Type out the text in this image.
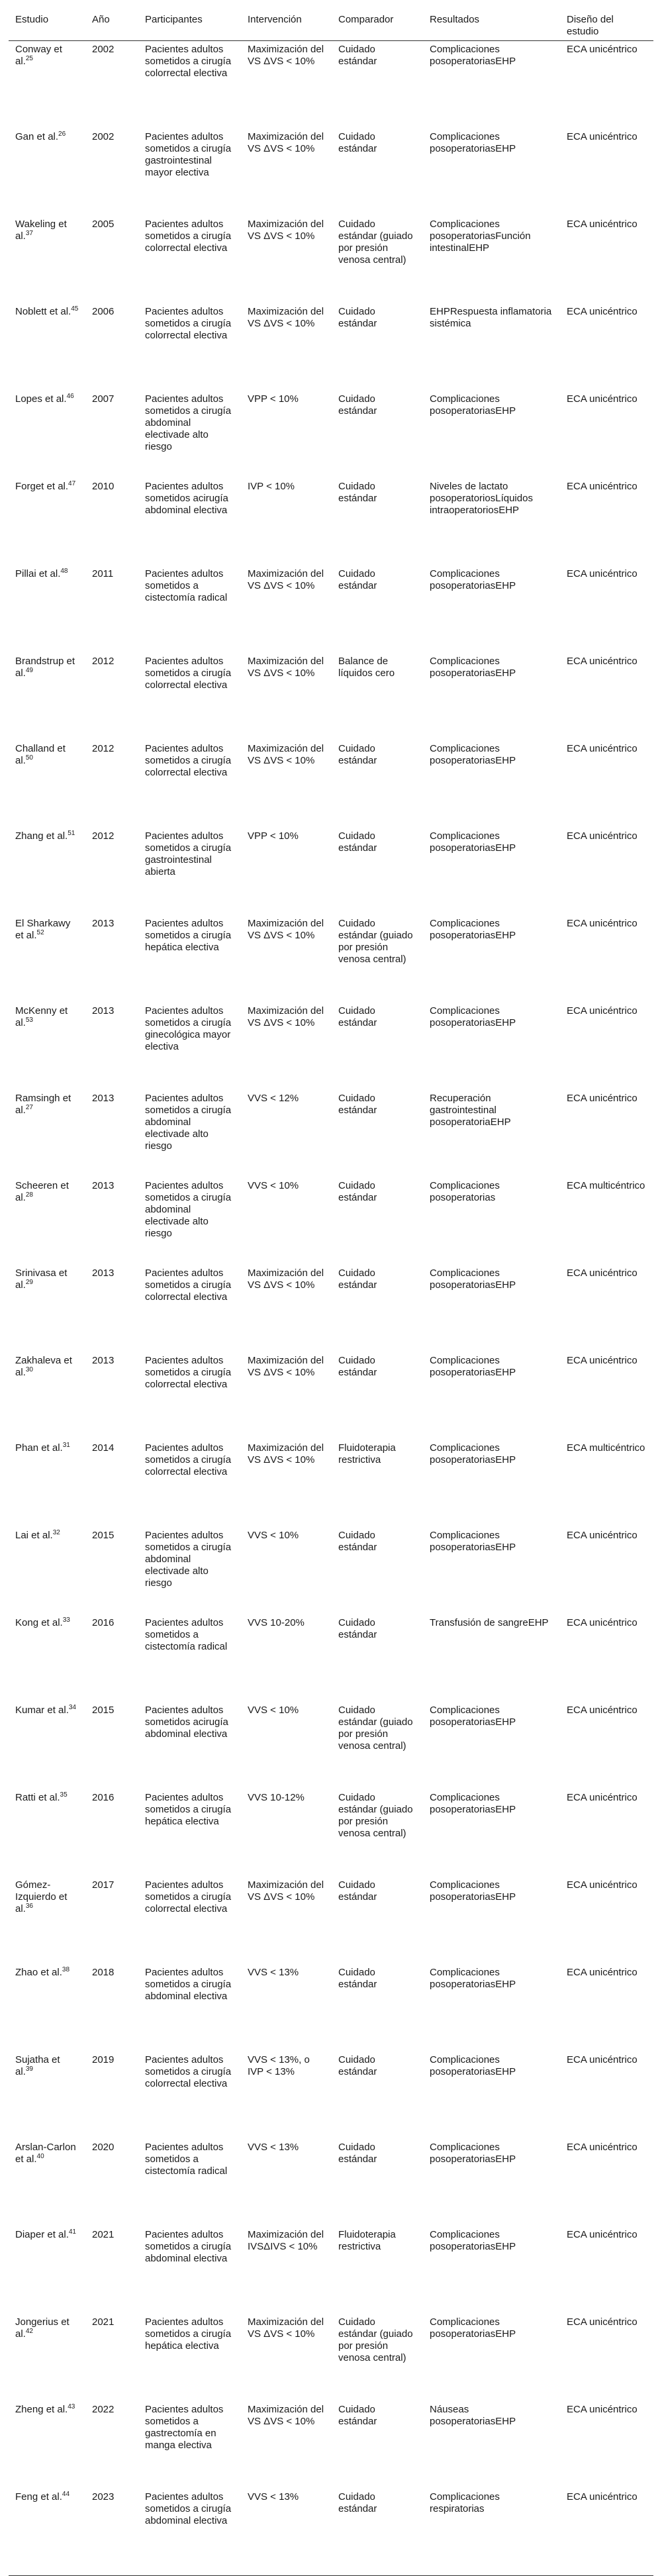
Estudio	Año	Participantes	Intervención	Comparador	Resultados	Diseño del estudio
Conway et al.$^{25}$	2002	Pacientes adultos sometidos a cirugía colorrectal electiva	Maximización del VS ΔVS < 10%	Cuidado estándar	Complicaciones posoperatoriasEHP	ECA unicéntrico
Gan et al.$^{26}$	2002	Pacientes adultos sometidos a cirugía gastrointestinal mayor electiva	Maximización del VS ΔVS < 10%	Cuidado estándar	Complicaciones posoperatoriasEHP	ECA unicéntrico
Wakeling et al.$^{37}$	2005	Pacientes adultos sometidos a cirugía colorrectal electiva	Maximización del VS ΔVS < 10%	Cuidado estándar (guiado por presión venosa central)	Complicaciones posoperatoriasFunción intestinalEHP	ECA unicéntrico
Noblett et al.$^{45}$	2006	Pacientes adultos sometidos a cirugía colorrectal electiva	Maximización del VS ΔVS < 10%	Cuidado estándar	EHPRespuesta inflamatoria sistémica	ECA unicéntrico
Lopes et al.$^{46}$	2007	Pacientes adultos sometidos a cirugía abdominal electivade alto riesgo	VPP < 10%	Cuidado estándar	Complicaciones posoperatoriasEHP	ECA unicéntrico
Forget et al.$^{47}$	2010	Pacientes adultos sometidos acirugía abdominal electiva	IVP < 10%	Cuidado estándar	Niveles de lactato posoperatoriosLíquidos intraoperatoriosEHP	ECA unicéntrico
Pillai et al.$^{48}$	2011	Pacientes adultos sometidos a cistectomía radical	Maximización del VS ΔVS < 10%	Cuidado estándar	Complicaciones posoperatoriasEHP	ECA unicéntrico
Brandstrup et al.$^{49}$	2012	Pacientes adultos sometidos a cirugía colorrectal electiva	Maximización del VS ΔVS < 10%	Balance de líquidos cero	Complicaciones posoperatoriasEHP	ECA unicéntrico
Challand et al.$^{50}$	2012	Pacientes adultos sometidos a cirugía colorrectal electiva	Maximización del VS ΔVS < 10%	Cuidado estándar	Complicaciones posoperatoriasEHP	ECA unicéntrico
Zhang et al.$^{51}$	2012	Pacientes adultos sometidos a cirugía gastrointestinal abierta	VPP < 10%	Cuidado estándar	Complicaciones posoperatoriasEHP	ECA unicéntrico
El Sharkawy et al.$^{52}$	2013	Pacientes adultos sometidos a cirugía hepática electiva	Maximización del VS ΔVS < 10%	Cuidado estándar (guiado por presión venosa central)	Complicaciones posoperatoriasEHP	ECA unicéntrico
McKenny et al.$^{53}$	2013	Pacientes adultos sometidos a cirugía ginecológica mayor electiva	Maximización del VS ΔVS < 10%	Cuidado estándar	Complicaciones posoperatoriasEHP	ECA unicéntrico
Ramsingh et al.$^{27}$	2013	Pacientes adultos sometidos a cirugía abdominal electivade alto riesgo	VVS < 12%	Cuidado estándar	Recuperación gastrointestinal posoperatoriaEHP	ECA unicéntrico
Scheeren et al.$^{28}$	2013	Pacientes adultos sometidos a cirugía abdominal electivade alto riesgo	VVS < 10%	Cuidado estándar	Complicaciones posoperatorias	ECA multicéntrico
Srinivasa et al.$^{29}$	2013	Pacientes adultos sometidos a cirugía colorrectal electiva	Maximización del VS ΔVS < 10%	Cuidado estándar	Complicaciones posoperatoriasEHP	ECA unicéntrico
Zakhaleva et al.$^{30}$	2013	Pacientes adultos sometidos a cirugía colorrectal electiva	Maximización del VS ΔVS < 10%	Cuidado estándar	Complicaciones posoperatoriasEHP	ECA unicéntrico
Phan et al.$^{31}$	2014	Pacientes adultos sometidos a cirugía colorrectal electiva	Maximización del VS ΔVS < 10%	Fluidoterapia restrictiva	Complicaciones posoperatoriasEHP	ECA multicéntrico
Lai et al.$^{32}$	2015	Pacientes adultos sometidos a cirugía abdominal electivade alto riesgo	VVS < 10%	Cuidado estándar	Complicaciones posoperatoriasEHP	ECA unicéntrico
Kong et al.$^{33}$	2016	Pacientes adultos sometidos a cistectomía radical	VVS 10-20%	Cuidado estándar	Transfusión de sangreEHP	ECA unicéntrico
Kumar et al.$^{34}$	2015	Pacientes adultos sometidos acirugía abdominal electiva	VVS < 10%	Cuidado estándar (guiado por presión venosa central)	Complicaciones posoperatoriasEHP	ECA unicéntrico
Ratti et al.$^{35}$	2016	Pacientes adultos sometidos a cirugía hepática electiva	VVS 10-12%	Cuidado estándar (guiado por presión venosa central)	Complicaciones posoperatoriasEHP	ECA unicéntrico
Gómez-Izquierdo et al.$^{36}$	2017	Pacientes adultos sometidos a cirugía colorrectal electiva	Maximización del VS ΔVS < 10%	Cuidado estándar	Complicaciones posoperatoriasEHP	ECA unicéntrico
Zhao et al.$^{38}$	2018	Pacientes adultos sometidos a cirugía abdominal electiva	VVS < 13%	Cuidado estándar	Complicaciones posoperatoriasEHP	ECA unicéntrico
Sujatha et al.$^{39}$	2019	Pacientes adultos sometidos a cirugía colorrectal electiva	VVS < 13%, o IVP < 13%	Cuidado estándar	Complicaciones posoperatoriasEHP	ECA unicéntrico
Arslan-Carlon et al.$^{40}$	2020	Pacientes adultos sometidos a cistectomía radical	VVS < 13%	Cuidado estándar	Complicaciones posoperatoriasEHP	ECA unicéntrico
Diaper et al.$^{41}$	2021	Pacientes adultos sometidos a cirugía abdominal electiva	Maximización del IVSΔIVS < 10%	Fluidoterapia restrictiva	Complicaciones posoperatoriasEHP	ECA unicéntrico
Jongerius et al.$^{42}$	2021	Pacientes adultos sometidos a cirugía hepática electiva	Maximización del VS ΔVS < 10%	Cuidado estándar (guiado por presión venosa central)	Complicaciones posoperatoriasEHP	ECA unicéntrico
Zheng et al.$^{43}$	2022	Pacientes adultos sometidos a gastrectomía en manga electiva	Maximización del VS ΔVS < 10%	Cuidado estándar	Náuseas posoperatoriasEHP	ECA unicéntrico
Feng et al.$^{44}$	2023	Pacientes adultos sometidos a cirugía abdominal electiva	VVS < 13%	Cuidado estándar	Complicaciones respiratorias	ECA unicéntrico
